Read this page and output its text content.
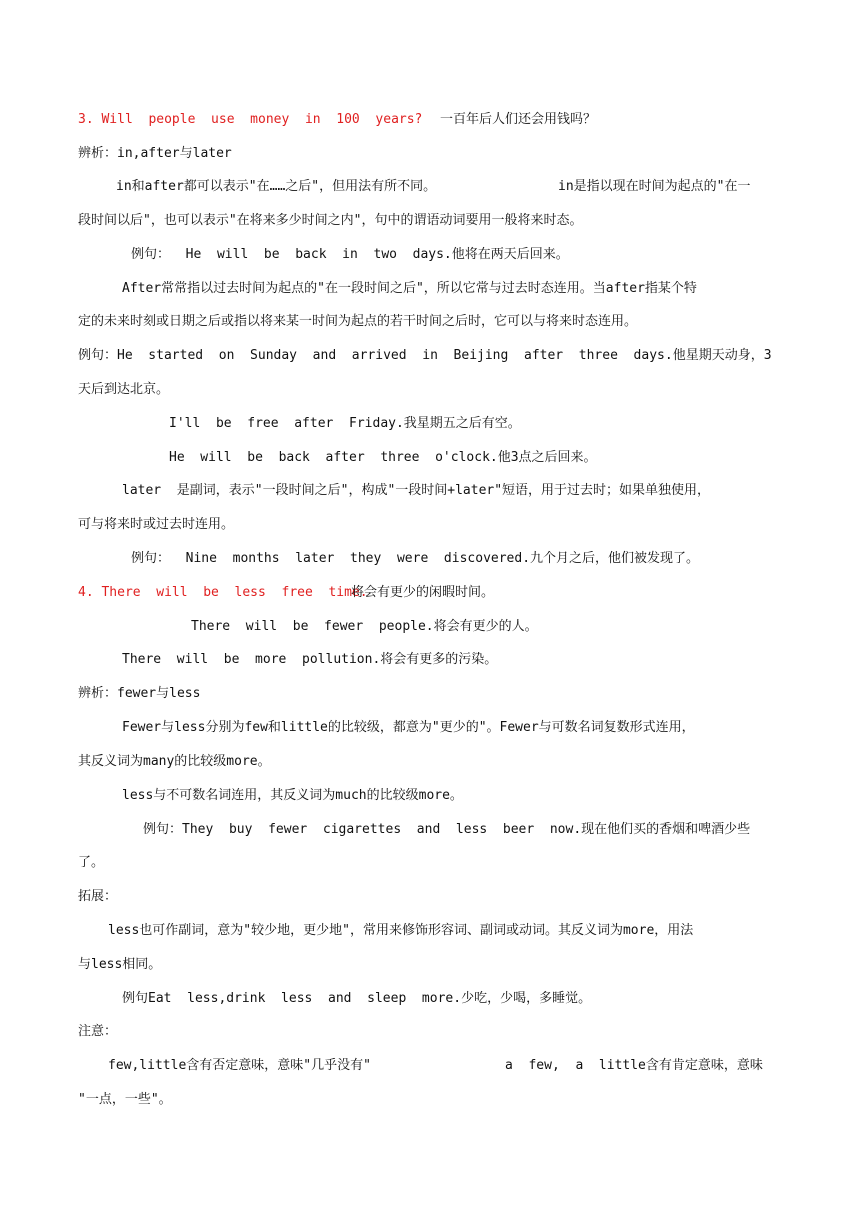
3. Will  people  use  money  in  100  years? 一百年后人们还会用钱吗？
辨析：in,after与later
in和after都可以表示"在……之后"，但用法有所不同。	in是指以现在时间为起点的"在一
段时间以后"，也可以表示"在将来多少时间之内"，句中的谓语动词要用一般将来时态。
例句：  He  will  be  back  in  two  days.他将在两天后回来。
After常常指以过去时间为起点的"在一段时间之后"，所以它常与过去时态连用。当after指某个特
定的未来时刻或日期之后或指以将来某一时间为起点的若干时间之后时，它可以与将来时态连用。
例句：He  started  on  Sunday  and  arrived  in  Beijing  after  three  days.他星期天动身，3
天后到达北京。
I'll  be  free  after  Friday.我星期五之后有空。
He  will  be  back  after  three  o'clock.他3点之后回来。
later  是副词，表示"一段时间之后"，构成"一段时间+later"短语，用于过去时；如果单独使用，
可与将来时或过去时连用。
例句：  Nine  months  later  they  were  discovered.九个月之后，他们被发现了。
4. There  will  be  less  free  time.
将会有更少的闲暇时间。
There  will  be  fewer  people.将会有更少的人。
There  will  be  more  pollution.将会有更多的污染。
辨析：fewer与less
Fewer与less分别为few和little的比较级，都意为"更少的"。Fewer与可数名词复数形式连用，
其反义词为many的比较级more。
less与不可数名词连用，其反义词为much的比较级more。
例句：They  buy  fewer  cigarettes  and  less  beer  now.现在他们买的香烟和啤酒少些
了。
拓展：
less也可作副词，意为"较少地，更少地"，常用来修饰形容词、副词或动词。其反义词为more，用法
与less相同。
例句Eat  less,drink  less  and  sleep  more.少吃，少喝，多睡觉。
注意：
few,little含有否定意味，意味"几乎没有"	a  few,  a  little含有肯定意味，意味
"一点，一些"。
